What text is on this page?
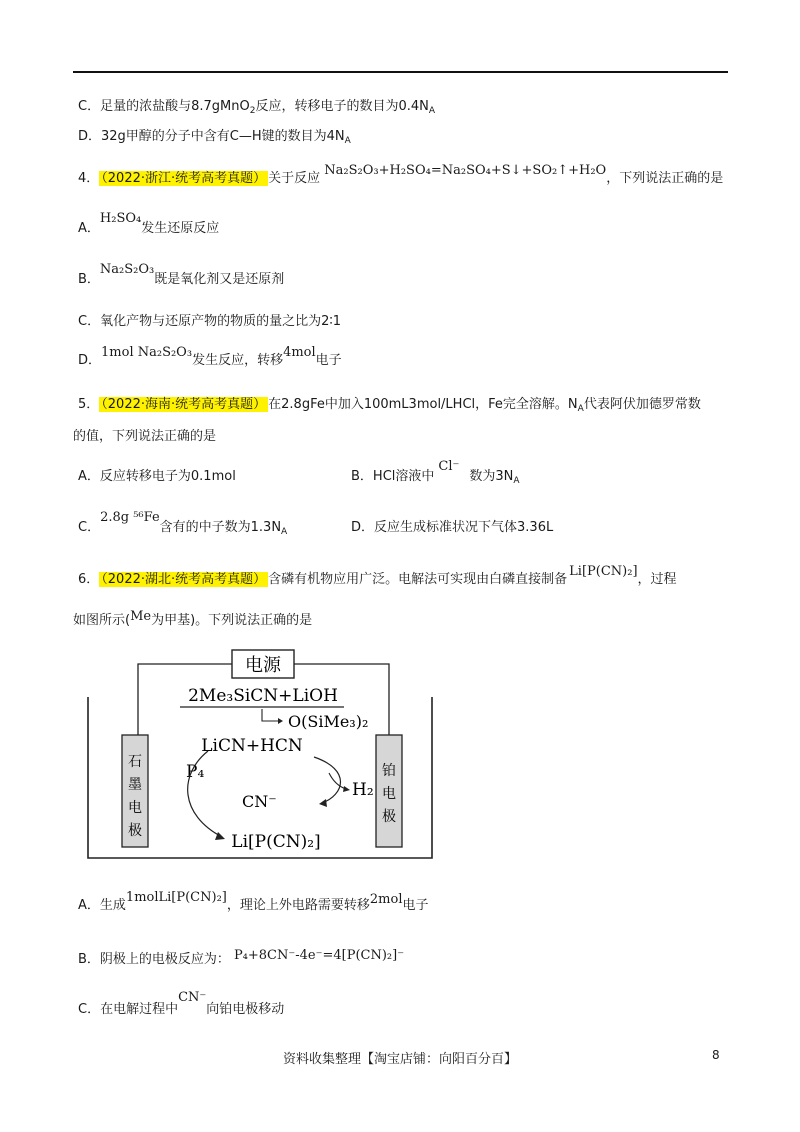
C．足量的浓盐酸与8.7gMnO$_2$反应，转移电子的数目为$0.4N_A$
D．32g甲醇的分子中含有C—H键的数目为$4N_A$
4． （2022·浙江·统考高考真题） 关于反应 Na₂S₂O₃+H₂SO₄=Na₂SO₄+S↓+SO₂↑+H₂O，下列说法正确的是
A．H₂SO₄发生还原反应
B．Na₂S₂O₃既是氧化剂又是还原剂
C．氧化产物与还原产物的物质的量之比为2∶1
D．1mol Na₂S₂O₃发生反应，转移4mol电子
5． （2022·海南·统考高考真题） 在2.8gFe中加入100mL3mol/LHCl，Fe完全溶解。$N_A$代表阿伏加德罗常数
的值，下列说法正确的是
A．反应转移电子为0.1mol	B．HCl溶液中Cl⁻数为$3N_A$
C．2.8g ⁵⁶Fe含有的中子数为$1.3N_A$	D．反应生成标准状况下气体3.36L
6． （2022·湖北·统考高考真题） 含磷有机物应用广泛。电解法可实现由白磷直接制备Li[P(CN)₂]，过程
如图所示(Me为甲基)。下列说法正确的是
电源
石墨电极
铂电极
2Me₃SiCN+LiOH
O(SiMe₃)₂
LiCN+HCN
P₄
CN⁻
H₂
Li[P(CN)₂]
A．生成1molLi[P(CN)₂]，理论上外电路需要转移2mol电子
B．阴极上的电极反应为： P₄+8CN⁻-4e⁻=4[P(CN)₂]⁻
C．在电解过程中CN⁻向铂电极移动
资料收集整理【淘宝店铺：向阳百分百】	8
